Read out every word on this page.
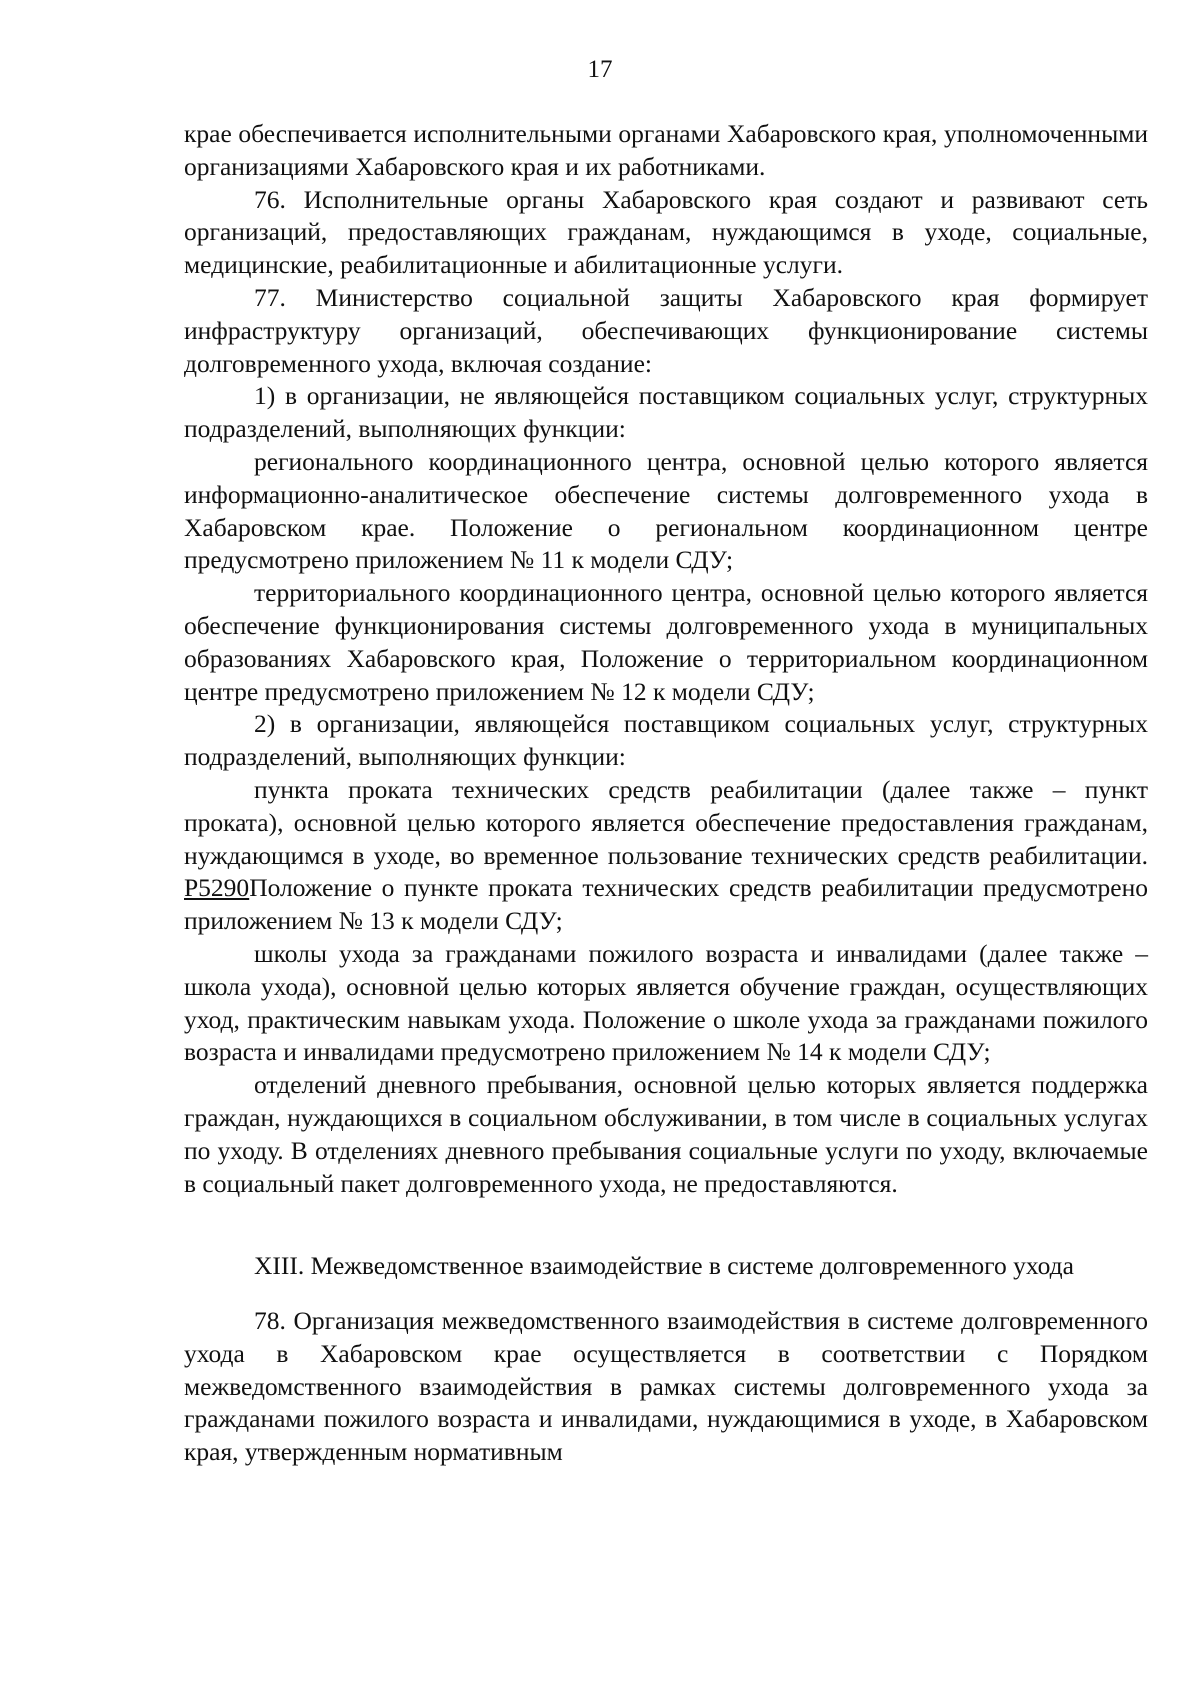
17

крае обеспечивается исполнительными органами Хабаровского края, уполномоченными организациями Хабаровского края и их работниками.

76. Исполнительные органы Хабаровского края создают и развивают сеть организаций, предоставляющих гражданам, нуждающимся в уходе, социальные, медицинские, реабилитационные и абилитационные услуги.

77. Министерство социальной защиты Хабаровского края формирует инфраструктуру организаций, обеспечивающих функционирование системы долговременного ухода, включая создание:

1) в организации, не являющейся поставщиком социальных услуг, структурных подразделений, выполняющих функции:

регионального координационного центра, основной целью которого является информационно-аналитическое обеспечение системы долговременного ухода в Хабаровском крае. Положение о региональном координационном центре предусмотрено приложением № 11 к модели СДУ;

территориального координационного центра, основной целью которого является обеспечение функционирования системы долговременного ухода в муниципальных образованиях Хабаровского края, Положение о территориальном координационном центре предусмотрено приложением № 12 к модели СДУ;

2) в организации, являющейся поставщиком социальных услуг, структурных подразделений, выполняющих функции:

пункта проката технических средств реабилитации (далее также – пункт проката), основной целью которого является обеспечение предоставления гражданам, нуждающимся в уходе, во временное пользование технических средств реабилитации. P5290Положение о пункте проката технических средств реабилитации предусмотрено приложением № 13 к модели СДУ;

школы ухода за гражданами пожилого возраста и инвалидами (далее также – школа ухода), основной целью которых является обучение граждан, осуществляющих уход, практическим навыкам ухода. Положение о школе ухода за гражданами пожилого возраста и инвалидами предусмотрено приложением № 14 к модели СДУ;

отделений дневного пребывания, основной целью которых является поддержка граждан, нуждающихся в социальном обслуживании, в том числе в социальных услугах по уходу. В отделениях дневного пребывания социальные услуги по уходу, включаемые в социальный пакет долговременного ухода, не предоставляются.

XIII. Межведомственное взаимодействие в системе долговременного ухода

78. Организация межведомственного взаимодействия в системе долговременного ухода в Хабаровском крае осуществляется в соответствии с Порядком межведомственного взаимодействия в рамках системы долговременного ухода за гражданами пожилого возраста и инвалидами, нуждающимися в уходе, в Хабаровском края, утвержденным нормативным
